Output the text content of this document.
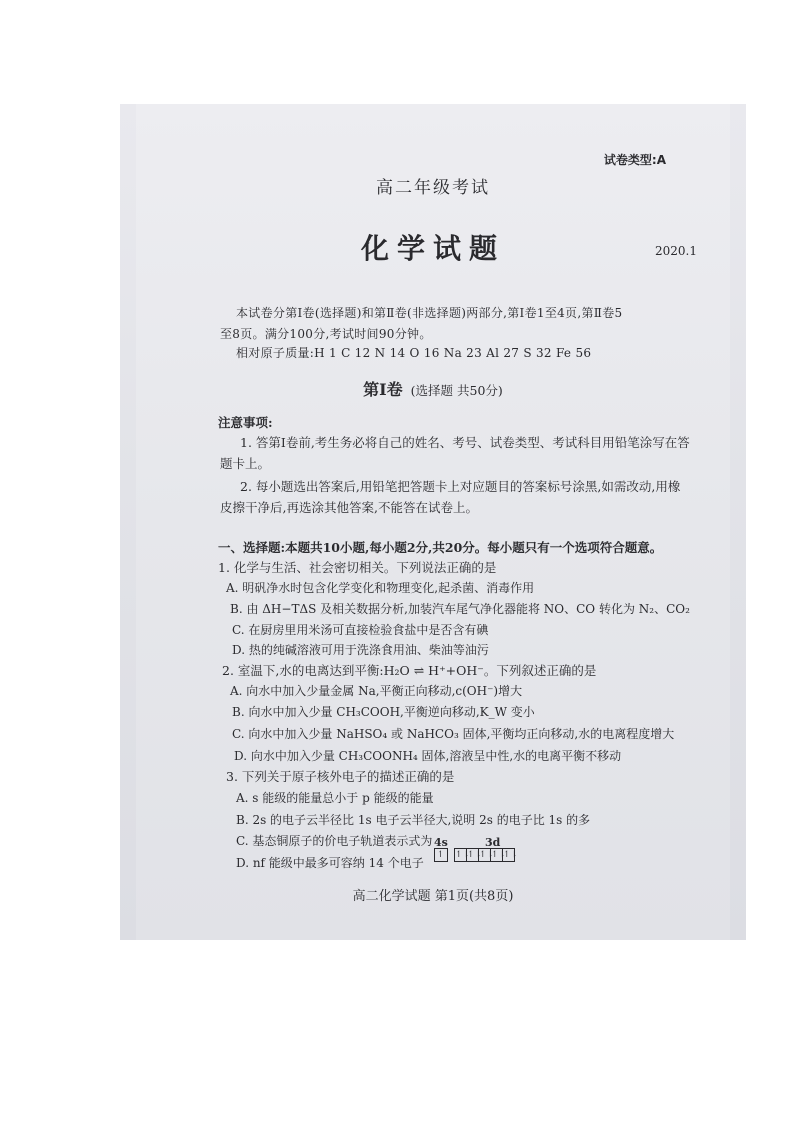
试卷类型:A
高二年级考试
化学试题	2020.1
本试卷分第Ⅰ卷(选择题)和第Ⅱ卷(非选择题)两部分,第Ⅰ卷1至4页,第Ⅱ卷5
至8页。满分100分,考试时间90分钟。
相对原子质量:H 1 C 12 N 14 O 16 Na 23 Al 27 S 32 Fe 56
第Ⅰ卷 (选择题 共50分)
注意事项:
1. 答第Ⅰ卷前,考生务必将自己的姓名、考号、试卷类型、考试科目用铅笔涂写在答
题卡上。
2. 每小题选出答案后,用铅笔把答题卡上对应题目的答案标号涂黑,如需改动,用橡
皮擦干净后,再选涂其他答案,不能答在试卷上。
一、选择题:本题共10小题,每小题2分,共20分。每小题只有一个选项符合题意。
1. 化学与生活、社会密切相关。下列说法正确的是
A. 明矾净水时包含化学变化和物理变化,起杀菌、消毒作用
B. 由 ΔH−TΔS 及相关数据分析,加装汽车尾气净化器能将 NO、CO 转化为 N₂、CO₂
C. 在厨房里用米汤可直接检验食盐中是否含有碘
D. 热的纯碱溶液可用于洗涤食用油、柴油等油污
2. 室温下,水的电离达到平衡:H₂O ⇌ H⁺+OH⁻。下列叙述正确的是
A. 向水中加入少量金属 Na,平衡正向移动,c(OH⁻)增大
B. 向水中加入少量 CH₃COOH,平衡逆向移动,K_W 变小
C. 向水中加入少量 NaHSO₄ 或 NaHCO₃ 固体,平衡均正向移动,水的电离程度增大
D. 向水中加入少量 CH₃COONH₄ 固体,溶液呈中性,水的电离平衡不移动
3. 下列关于原子核外电子的描述正确的是
A. s 能级的能量总小于 p 能级的能量
B. 2s 的电子云半径比 1s 电子云半径大,说明 2s 的电子比 1s 的多
C. 基态铜原子的价电子轨道表示式为 4s	3d
↿ ↿⇂
↿⇂
↿⇂
↿⇂
↿⇂
D. nf 能级中最多可容纳 14 个电子
高二化学试题 第1页(共8页)
